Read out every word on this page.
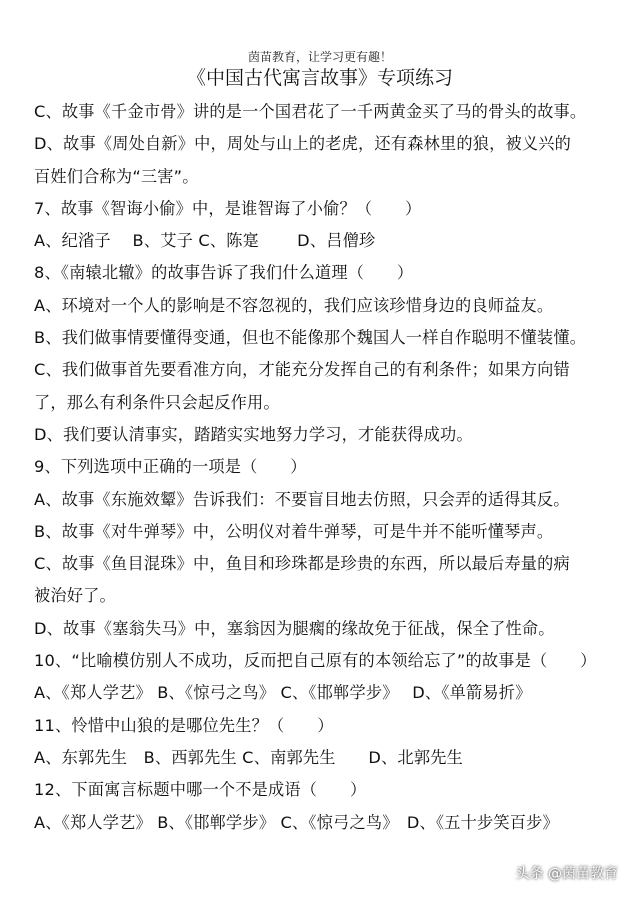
茵苗教育，让学习更有趣！
《中国古代寓言故事》专项练习
C、故事《千金市骨》讲的是一个国君花了一千两黄金买了马的骨头的故事。
D、故事《周处自新》中，周处与山上的老虎，还有森林里的狼，被义兴的
百姓们合称为“三害”。
7、故事《智诲小偷》中，是谁智诲了小偷？（　　）
A、纪渻子　 B、艾子 C、陈寔　　 D、吕僧珍
8、《南辕北辙》的故事告诉了我们什么道理（　　）
A、环境对一个人的影响是不容忽视的，我们应该珍惜身边的良师益友。
B、我们做事情要懂得变通，但也不能像那个魏国人一样自作聪明不懂装懂。
C、我们做事首先要看准方向，才能充分发挥自己的有利条件；如果方向错
了，那么有利条件只会起反作用。
D、我们要认清事实，踏踏实实地努力学习，才能获得成功。
9、下列选项中正确的一项是（　　）
A、故事《东施效颦》告诉我们：不要盲目地去仿照，只会弄的适得其反。
B、故事《对牛弹琴》中，公明仪对着牛弹琴，可是牛并不能听懂琴声。
C、故事《鱼目混珠》中，鱼目和珍珠都是珍贵的东西，所以最后寿量的病
被治好了。
D、故事《塞翁失马》中，塞翁因为腿瘸的缘故免于征战，保全了性命。
10、“比喻模仿别人不成功，反而把自己原有的本领给忘了”的故事是（　　）
A、《郑人学艺》 B、《惊弓之鸟》 C、《邯郸学步》　 D、《单箭易折》
11、怜惜中山狼的是哪位先生？（　　）
A、东郭先生　B、西郭先生 C、南郭先生　　D、北郭先生
12、下面寓言标题中哪一个不是成语（　　）
A、《郑人学艺》 B、《邯郸学步》 C、《惊弓之鸟》　D、《五十步笑百步》
头条 @茵苗教育
